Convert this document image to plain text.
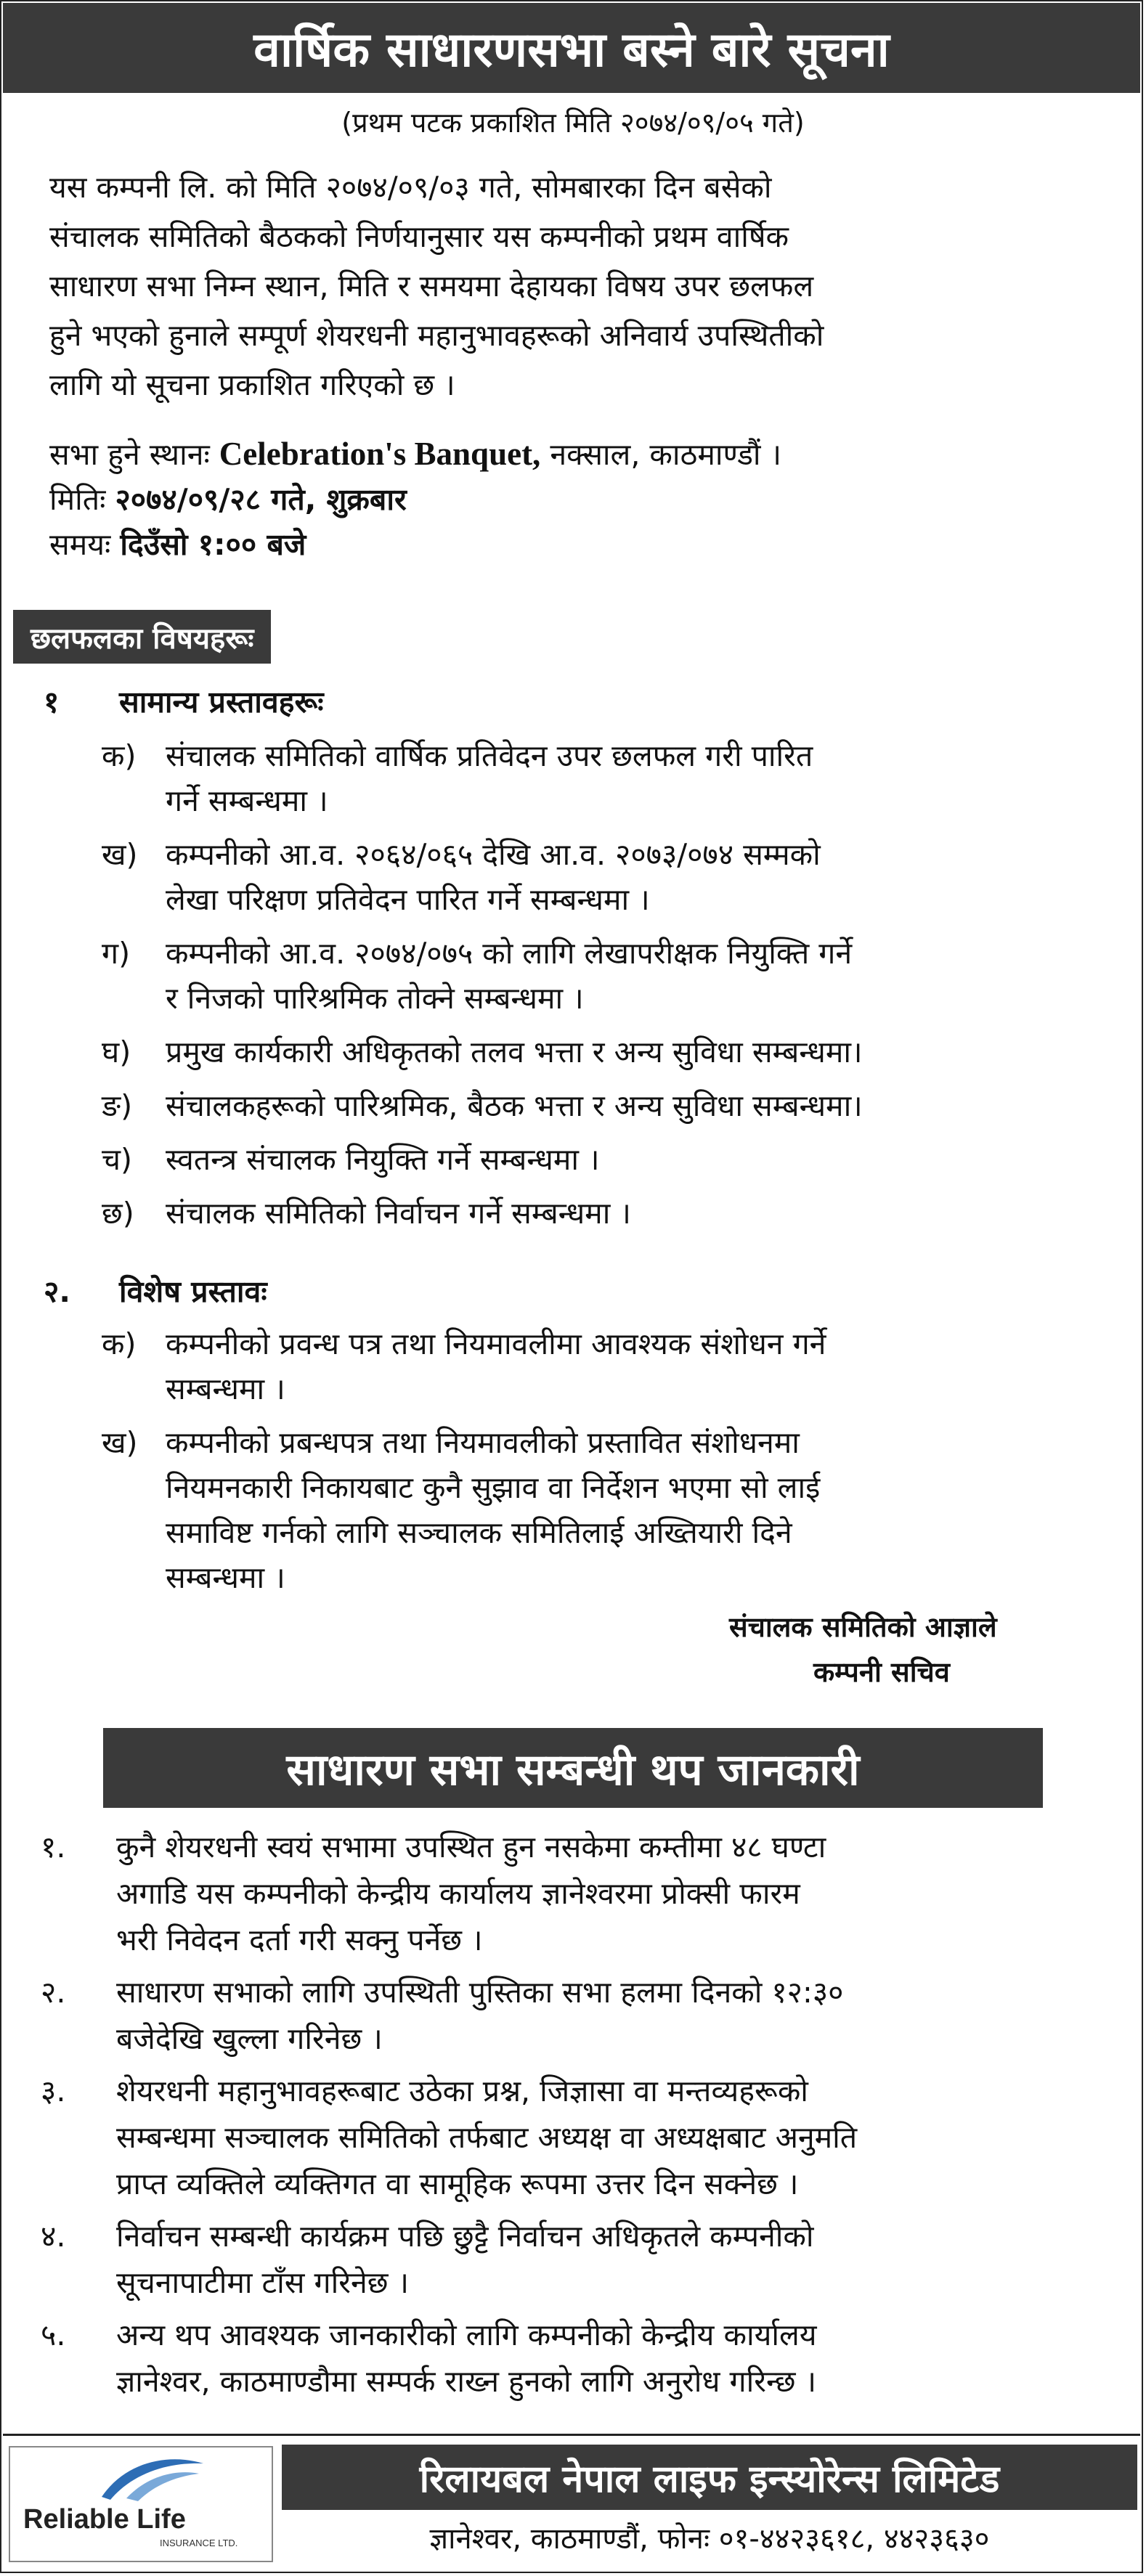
वार्षिक साधारणसभा बस्ने बारे सूचना
(प्रथम पटक प्रकाशित मिति २०७४/०९/०५ गते)
यस कम्पनी लि. को मिति २०७४/०९/०३ गते, सोमबारका दिन बसेको
संचालक समितिको बैठकको निर्णयानुसार यस कम्पनीको प्रथम वार्षिक
साधारण सभा निम्न स्थान, मिति र समयमा देहायका विषय उपर छलफल
हुने भएको हुनाले सम्पूर्ण शेयरधनी महानुभावहरूको अनिवार्य उपस्थितीको
लागि यो सूचना प्रकाशित गरिएको छ ।
सभा हुने स्थानः Celebration's Banquet, नक्साल, काठमाण्डौं ।
मितिः २०७४/०९/२८ गते, शुक्रबार
समयः दिउँसो १:०० बजे
छलफलका विषयहरूः
१	सामान्य प्रस्तावहरूः
क) संचालक समितिको वार्षिक प्रतिवेदन उपर छलफल गरी पारित
गर्ने सम्बन्धमा ।
ख) कम्पनीको आ.व. २०६४/०६५ देखि आ.व. २०७३/०७४ सम्मको
लेखा परिक्षण प्रतिवेदन पारित गर्ने सम्बन्धमा ।
ग)	कम्पनीको आ.व. २०७४/०७५ को लागि लेखापरीक्षक नियुक्ति गर्ने
र निजको पारिश्रमिक तोक्ने सम्बन्धमा ।
घ)	प्रमुख कार्यकारी अधिकृतको तलव भत्ता र अन्य सुविधा सम्बन्धमा।
ङ)	संचालकहरूको पारिश्रमिक, बैठक भत्ता र अन्य सुविधा सम्बन्धमा।
च)	स्वतन्त्र संचालक नियुक्ति गर्ने सम्बन्धमा ।
छ)	संचालक समितिको निर्वाचन गर्ने सम्बन्धमा ।
२.	विशेष प्रस्तावः
क) कम्पनीको प्रवन्ध पत्र तथा नियमावलीमा आवश्यक संशोधन गर्ने
सम्बन्धमा ।
ख) कम्पनीको प्रबन्धपत्र तथा नियमावलीको प्रस्तावित संशोधनमा
नियमनकारी निकायबाट कुनै सुझाव वा निर्देशन भएमा सो लाई
समाविष्ट गर्नको लागि सञ्चालक समितिलाई अख्तियारी दिने
सम्बन्धमा ।
संचालक समितिको आज्ञाले
कम्पनी सचिव
साधारण सभा सम्बन्धी थप जानकारी
१.	कुनै शेयरधनी स्वयं सभामा उपस्थित हुन नसकेमा कम्तीमा ४८ घण्टा
अगाडि यस कम्पनीको केन्द्रीय कार्यालय ज्ञानेश्वरमा प्रोक्सी फारम
भरी निवेदन दर्ता गरी सक्नु पर्नेछ ।
२.	साधारण सभाको लागि उपस्थिती पुस्तिका सभा हलमा दिनको १२:३०
बजेदेखि खुल्ला गरिनेछ ।
३.	शेयरधनी महानुभावहरूबाट उठेका प्रश्न, जिज्ञासा वा मन्तव्यहरूको
सम्बन्धमा सञ्चालक समितिको तर्फबाट अध्यक्ष वा अध्यक्षबाट अनुमति
प्राप्त व्यक्तिले व्यक्तिगत वा सामूहिक रूपमा उत्तर दिन सक्नेछ ।
४.	निर्वाचन सम्बन्धी कार्यक्रम पछि छुट्टै निर्वाचन अधिकृतले कम्पनीको
सूचनापाटीमा टाँस गरिनेछ ।
५.	अन्य थप आवश्यक जानकारीको लागि कम्पनीको केन्द्रीय कार्यालय
ज्ञानेश्वर, काठमाण्डौमा सम्पर्क राख्न हुनको लागि अनुरोध गरिन्छ ।
Reliable Life
INSURANCE LTD.
रिलायबल नेपाल लाइफ इन्स्योरेन्स लिमिटेड
ज्ञानेश्वर, काठमाण्डौं, फोनः ०१-४४२३६१८, ४४२३६३०
